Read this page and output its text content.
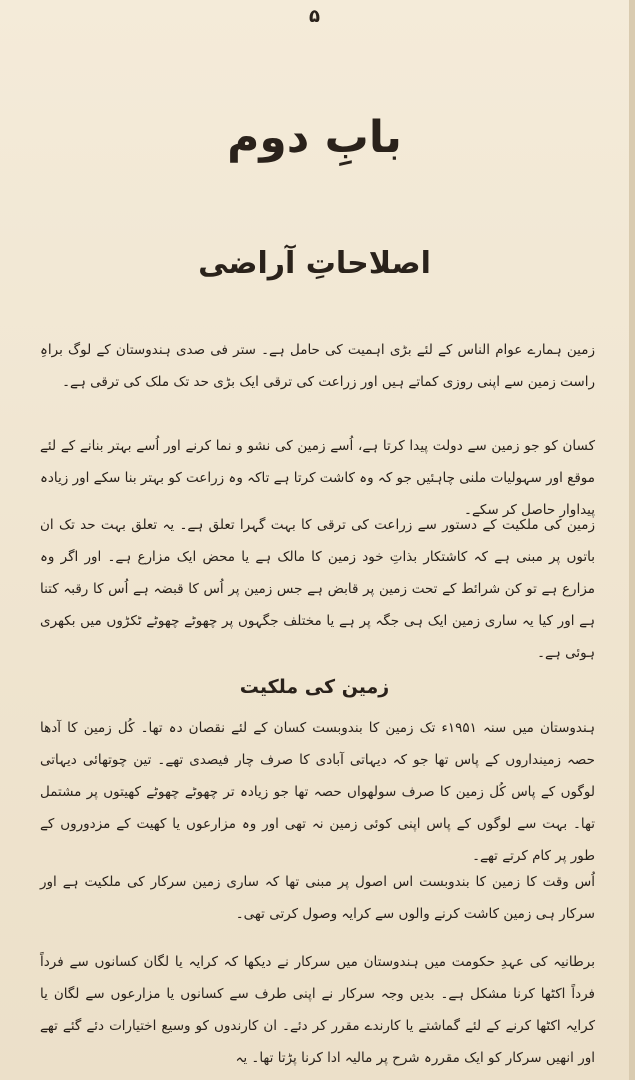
۵
بابِ دوم
اصلاحاتِ آراضی

زمین ہمارے عوام الناس کے لئے بڑی اہمیت کی حامل ہے۔ ستر فی صدی ہندوستان کے لوگ براہِ راست زمین سے اپنی روزی کماتے ہیں اور زراعت کی ترقی ایک بڑی حد تک ملک کی ترقی ہے۔

کسان کو جو زمین سے دولت پیدا کرتا ہے، اُسے زمین کی نشو و نما کرنے اور اُسے بہتر بنانے کے لئے موقع اور سہولیات ملنی چاہئیں جو کہ وہ کاشت کرتا ہے تاکہ وہ زراعت کو بہتر بنا سکے اور زیادہ پیداوار حاصل کر سکے۔

زمین کی ملکیت کے دستور سے زراعت کی ترقی کا بہت گہرا تعلق ہے۔ یہ تعلق بہت حد تک ان باتوں پر مبنی ہے کہ کاشتکار بذاتِ خود زمین کا مالک ہے یا محض ایک مزارع ہے۔ اور اگر وہ مزارع ہے تو کن شرائط کے تحت زمین پر قابض ہے جس زمین پر اُس کا قبضہ ہے اُس کا رقبہ کتنا ہے اور کیا یہ ساری زمین ایک ہی جگہ پر ہے یا مختلف جگہوں پر چھوٹے چھوٹے ٹکڑوں میں بکھری ہوئی ہے۔

زمین کی ملکیت

ہندوستان میں سنہ ۱۹۵۱ء تک زمین کا بندوبست کسان کے لئے نقصان دہ تھا۔ کُل زمین کا آدھا حصہ زمینداروں کے پاس تھا جو کہ دیہاتی آبادی کا صرف چار فیصدی تھے۔ تین چوتھائی دیہاتی لوگوں کے پاس کُل زمین کا صرف سولھواں حصہ تھا جو زیادہ تر چھوٹے چھوٹے کھیتوں پر مشتمل تھا۔ بہت سے لوگوں کے پاس اپنی کوئی زمین نہ تھی اور وہ مزارعوں یا کھیت کے مزدوروں کے طور پر کام کرتے تھے۔

اُس وقت کا زمین کا بندوبست اس اصول پر مبنی تھا کہ ساری زمین سرکار کی ملکیت ہے اور سرکار ہی زمین کاشت کرنے والوں سے کرایہ وصول کرتی تھی۔

برطانیہ کی عہدِ حکومت میں ہندوستان میں سرکار نے دیکھا کہ کرایہ یا لگان کسانوں سے فرداً فرداً اکٹھا کرنا مشکل ہے۔ بدیں وجہ سرکار نے اپنی طرف سے کسانوں یا مزارعوں سے لگان یا کرایہ اکٹھا کرنے کے لئے گماشتے یا کارندے مقرر کر دئے۔ ان کارندوں کو وسیع اختیارات دئے گئے تھے اور انھیں سرکار کو ایک مقررہ شرح پر مالیہ ادا کرنا پڑتا تھا۔ یہ
